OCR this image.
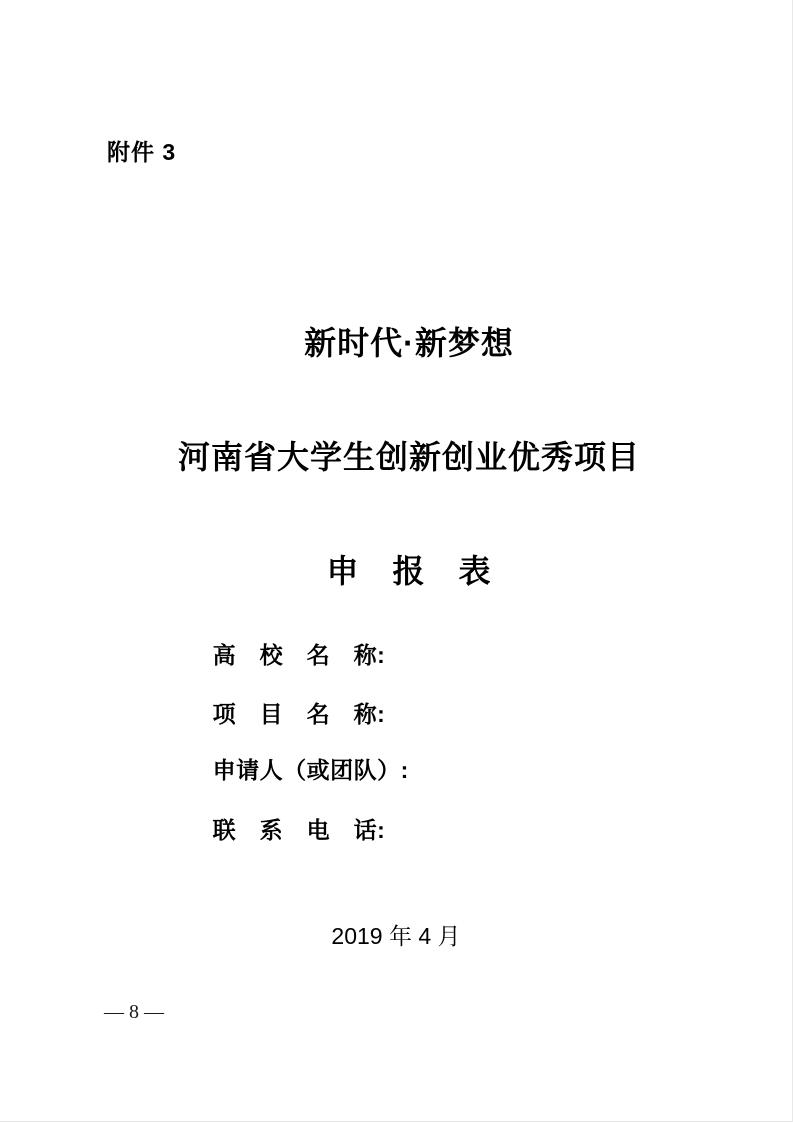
附件 3

新时代·新梦想

河南省大学生创新创业优秀项目

申　报　表

高　校　名　称:

项　目　名　称:

申请人（或团队）:

联　系　电　话:

2019 年 4 月
— 8 —
